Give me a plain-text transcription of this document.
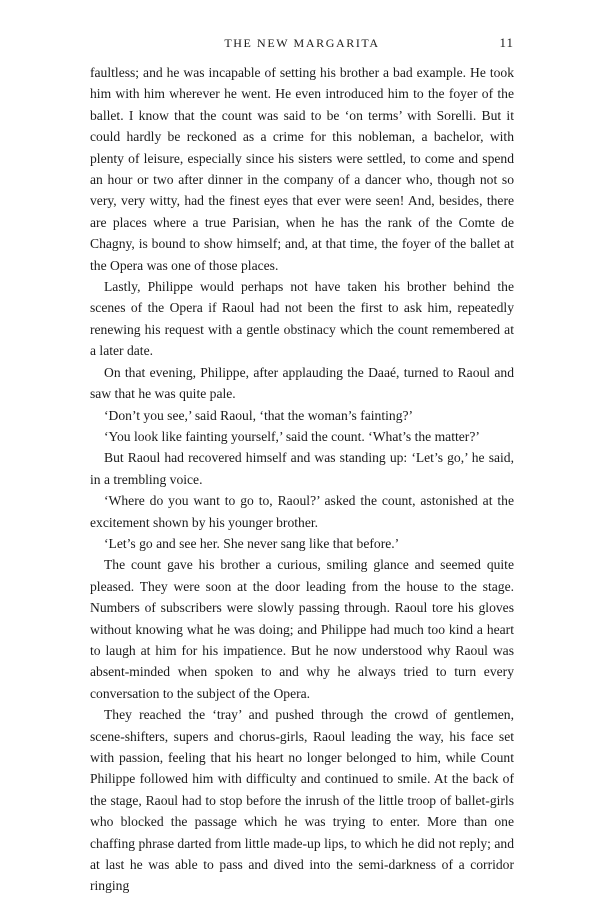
THE NEW MARGARITA	11

faultless; and he was incapable of setting his brother a bad example. He took him with him wherever he went. He even introduced him to the foyer of the ballet. I know that the count was said to be ‘on terms’ with Sorelli. But it could hardly be reckoned as a crime for this nobleman, a bachelor, with plenty of leisure, especially since his sisters were settled, to come and spend an hour or two after dinner in the company of a dancer who, though not so very, very witty, had the finest eyes that ever were seen! And, besides, there are places where a true Parisian, when he has the rank of the Comte de Chagny, is bound to show himself; and, at that time, the foyer of the ballet at the Opera was one of those places.

Lastly, Philippe would perhaps not have taken his brother behind the scenes of the Opera if Raoul had not been the first to ask him, repeatedly renewing his request with a gentle obstinacy which the count remembered at a later date.

On that evening, Philippe, after applauding the Daaé, turned to Raoul and saw that he was quite pale.

‘Don’t you see,’ said Raoul, ‘that the woman’s fainting?’

‘You look like fainting yourself,’ said the count. ‘What’s the matter?’

But Raoul had recovered himself and was standing up: ‘Let’s go,’ he said, in a trembling voice.

‘Where do you want to go to, Raoul?’ asked the count, astonished at the excitement shown by his younger brother.

‘Let’s go and see her. She never sang like that before.’

The count gave his brother a curious, smiling glance and seemed quite pleased. They were soon at the door leading from the house to the stage. Numbers of subscribers were slowly passing through. Raoul tore his gloves without knowing what he was doing; and Philippe had much too kind a heart to laugh at him for his impatience. But he now understood why Raoul was absent-minded when spoken to and why he always tried to turn every conversation to the subject of the Opera.

They reached the ‘tray’ and pushed through the crowd of gentlemen, scene-shifters, supers and chorus-girls, Raoul leading the way, his face set with passion, feeling that his heart no longer belonged to him, while Count Philippe followed him with difficulty and continued to smile. At the back of the stage, Raoul had to stop before the inrush of the little troop of ballet-girls who blocked the passage which he was trying to enter. More than one chaffing phrase darted from little made-up lips, to which he did not reply; and at last he was able to pass and dived into the semi-darkness of a corridor ringing
